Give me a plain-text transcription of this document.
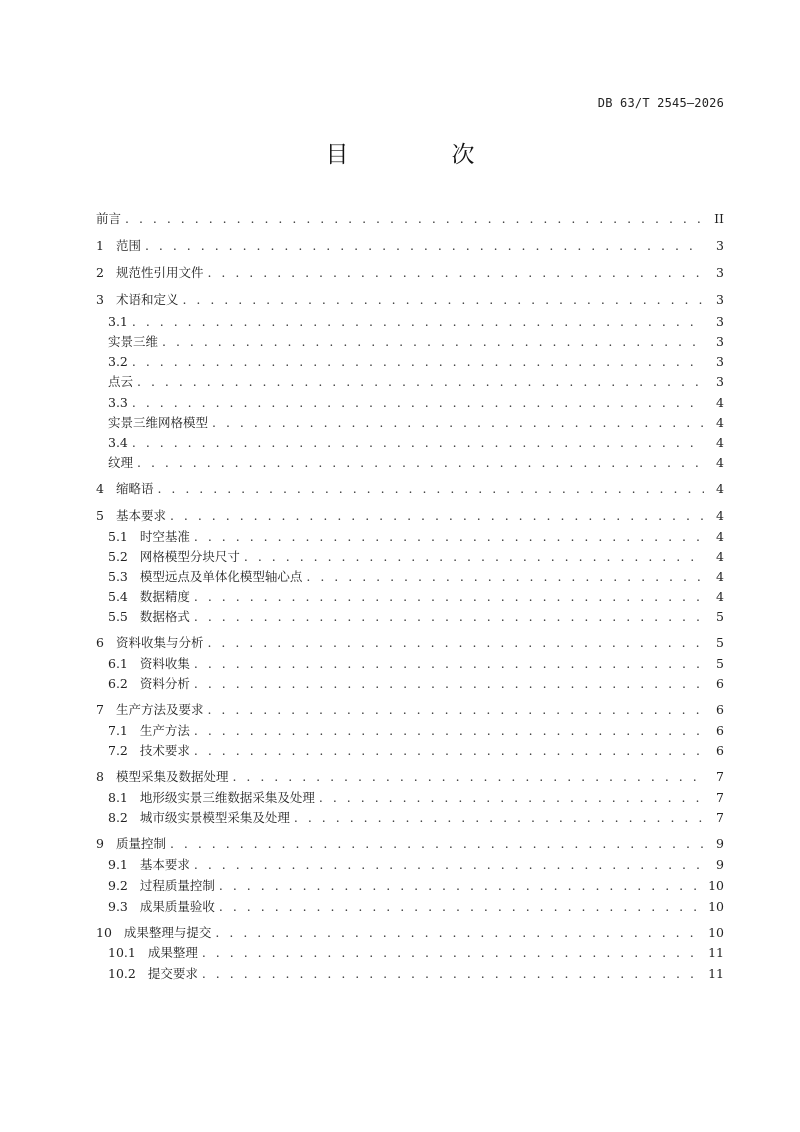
DB 63/T 2545—2026
目　次
前言 . . .	II
1 范围 . . .	3
2 规范性引用文件 . . .	3
3 术语和定义 . . .	3
3.1 . . .	3
实景三维 . . .	3
3.2 . . .	3
点云 . . .	3
3.3 . . .	4
实景三维网格模型 . . .	4
3.4 . . .	4
纹理 . . .	4
4 缩略语 . . .	4
5 基本要求 . . .	4
5.1 时空基准 . . .	4
5.2 网格模型分块尺寸 . . .	4
5.3 模型远点及单体化模型轴心点 . . .	4
5.4 数据精度 . . .	4
5.5 数据格式 . . .	5
6 资料收集与分析 . . .	5
6.1 资料收集 . . .	5
6.2 资料分析 . . .	6
7 生产方法及要求 . . .	6
7.1 生产方法 . . .	6
7.2 技术要求 . . .	6
8 模型采集及数据处理 . . .	7
8.1 地形级实景三维数据采集及处理 . . .	7
8.2 城市级实景模型采集及处理 . . .	7
9 质量控制 . . .	9
9.1 基本要求 . . .	9
9.2 过程质量控制 . . .	10
9.3 成果质量验收 . . .	10
10 成果整理与提交 . . .	10
10.1 成果整理 . . .	11
10.2 提交要求 . . .	11
